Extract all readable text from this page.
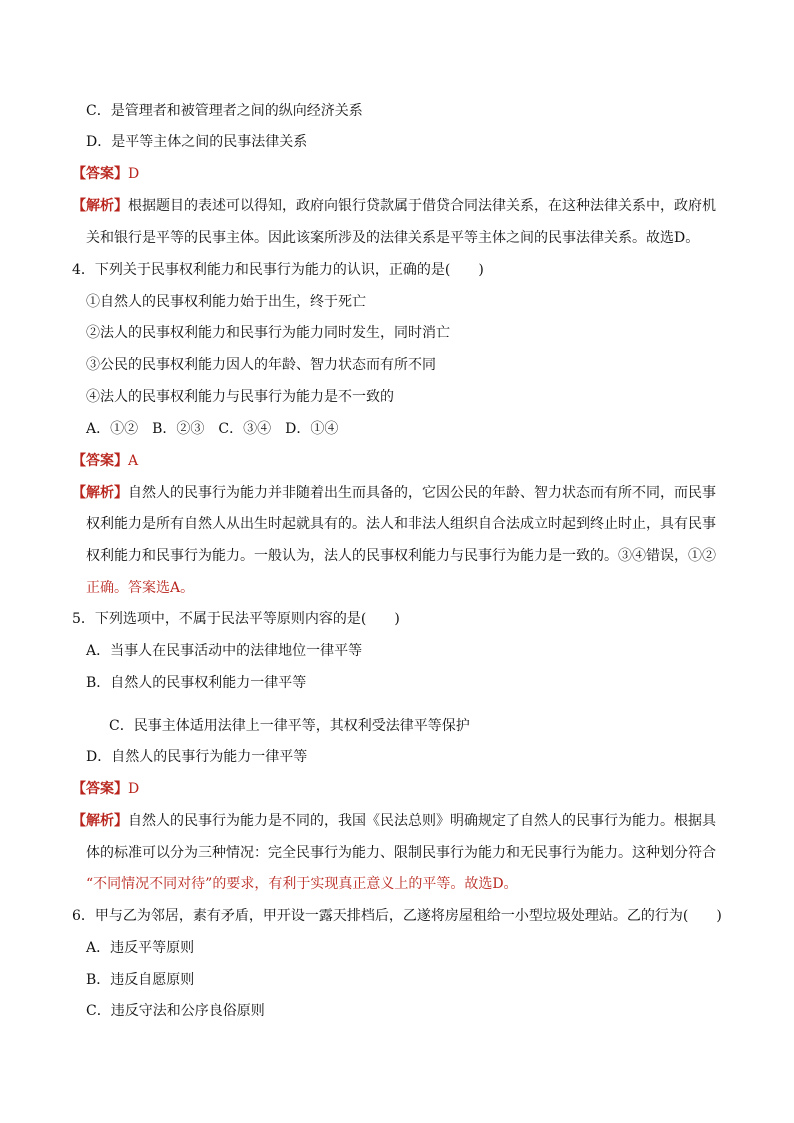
C．是管理者和被管理者之间的纵向经济关系
D．是平等主体之间的民事法律关系
【答案】D
【解析】根据题目的表述可以得知，政府向银行贷款属于借贷合同法律关系，在这种法律关系中，政府机
关和银行是平等的民事主体。因此该案所涉及的法律关系是平等主体之间的民事法律关系。故选D。
4．下列关于民事权利能力和民事行为能力的认识，正确的是(　　)
①自然人的民事权利能力始于出生，终于死亡
②法人的民事权利能力和民事行为能力同时发生，同时消亡
③公民的民事权利能力因人的年龄、智力状态而有所不同
④法人的民事权利能力与民事行为能力是不一致的
A．①②　B．②③　C．③④　D．①④
【答案】A
【解析】自然人的民事行为能力并非随着出生而具备的，它因公民的年龄、智力状态而有所不同，而民事
权利能力是所有自然人从出生时起就具有的。法人和非法人组织自合法成立时起到终止时止，具有民事
权利能力和民事行为能力。一般认为，法人的民事权利能力与民事行为能力是一致的。③④错误，①②
正确。答案选A。
5．下列选项中，不属于民法平等原则内容的是(　　)
A．当事人在民事活动中的法律地位一律平等
B．自然人的民事权利能力一律平等
C．民事主体适用法律上一律平等，其权利受法律平等保护
D．自然人的民事行为能力一律平等
【答案】D
【解析】自然人的民事行为能力是不同的，我国《民法总则》明确规定了自然人的民事行为能力。根据具
体的标准可以分为三种情况：完全民事行为能力、限制民事行为能力和无民事行为能力。这种划分符合
“不同情况不同对待”的要求，有利于实现真正意义上的平等。故选D。
6．甲与乙为邻居，素有矛盾，甲开设一露天排档后，乙遂将房屋租给一小型垃圾处理站。乙的行为(　　)
A．违反平等原则
B．违反自愿原则
C．违反守法和公序良俗原则
